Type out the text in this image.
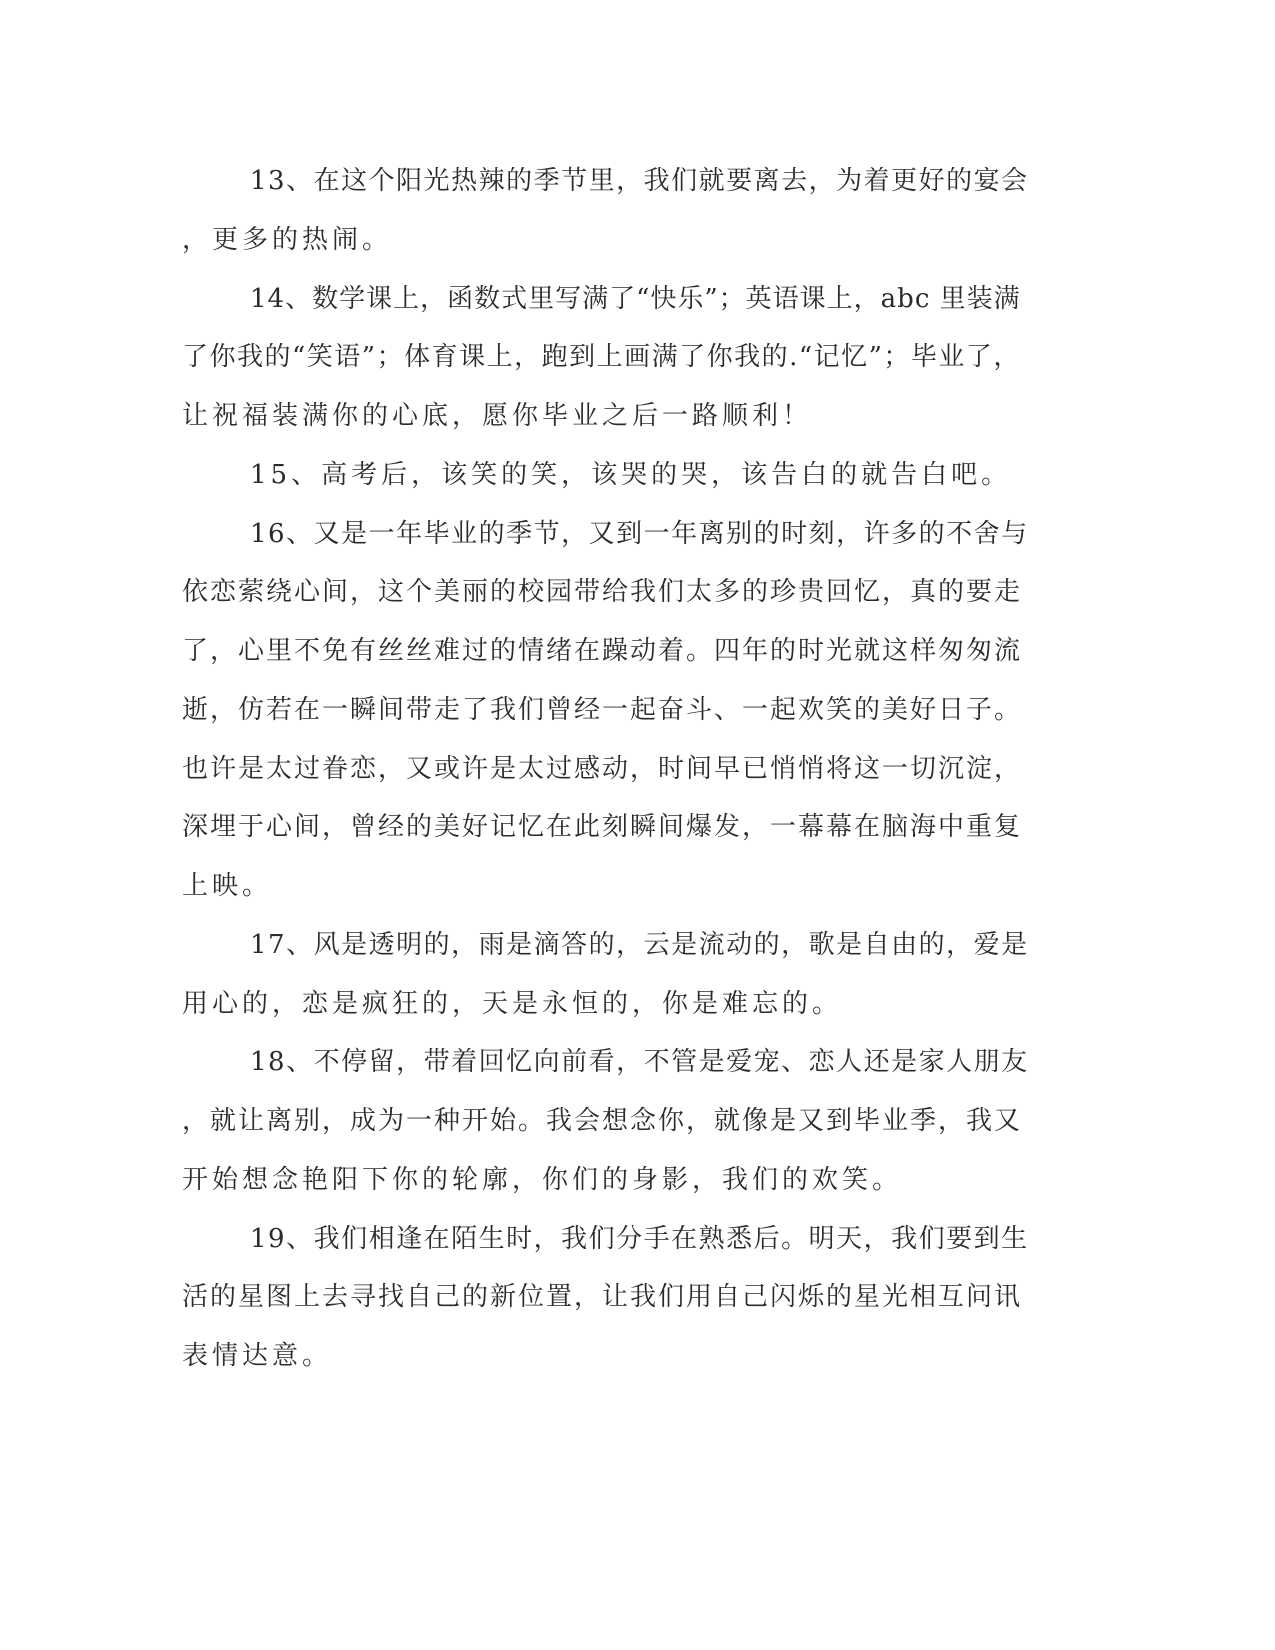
13、在这个阳光热辣的季节里，我们就要离去，为着更好的宴会

，更多的热闹。

14、数学课上，函数式里写满了“快乐”；英语课上，abc 里装满

了你我的“笑语”；体育课上，跑到上画满了你我的.“记忆”；毕业了，

让祝福装满你的心底，愿你毕业之后一路顺利！

15、高考后，该笑的笑，该哭的哭，该告白的就告白吧。

16、又是一年毕业的季节，又到一年离别的时刻，许多的不舍与

依恋萦绕心间，这个美丽的校园带给我们太多的珍贵回忆，真的要走

了，心里不免有丝丝难过的情绪在躁动着。四年的时光就这样匆匆流

逝，仿若在一瞬间带走了我们曾经一起奋斗、一起欢笑的美好日子。

也许是太过眷恋，又或许是太过感动，时间早已悄悄将这一切沉淀，

深埋于心间，曾经的美好记忆在此刻瞬间爆发，一幕幕在脑海中重复

上映。

17、风是透明的，雨是滴答的，云是流动的，歌是自由的，爱是

用心的，恋是疯狂的，天是永恒的，你是难忘的。

18、不停留，带着回忆向前看，不管是爱宠、恋人还是家人朋友

，就让离别，成为一种开始。我会想念你，就像是又到毕业季，我又

开始想念艳阳下你的轮廓，你们的身影，我们的欢笑。

19、我们相逢在陌生时，我们分手在熟悉后。明天，我们要到生

活的星图上去寻找自己的新位置，让我们用自己闪烁的星光相互问讯

表情达意。
